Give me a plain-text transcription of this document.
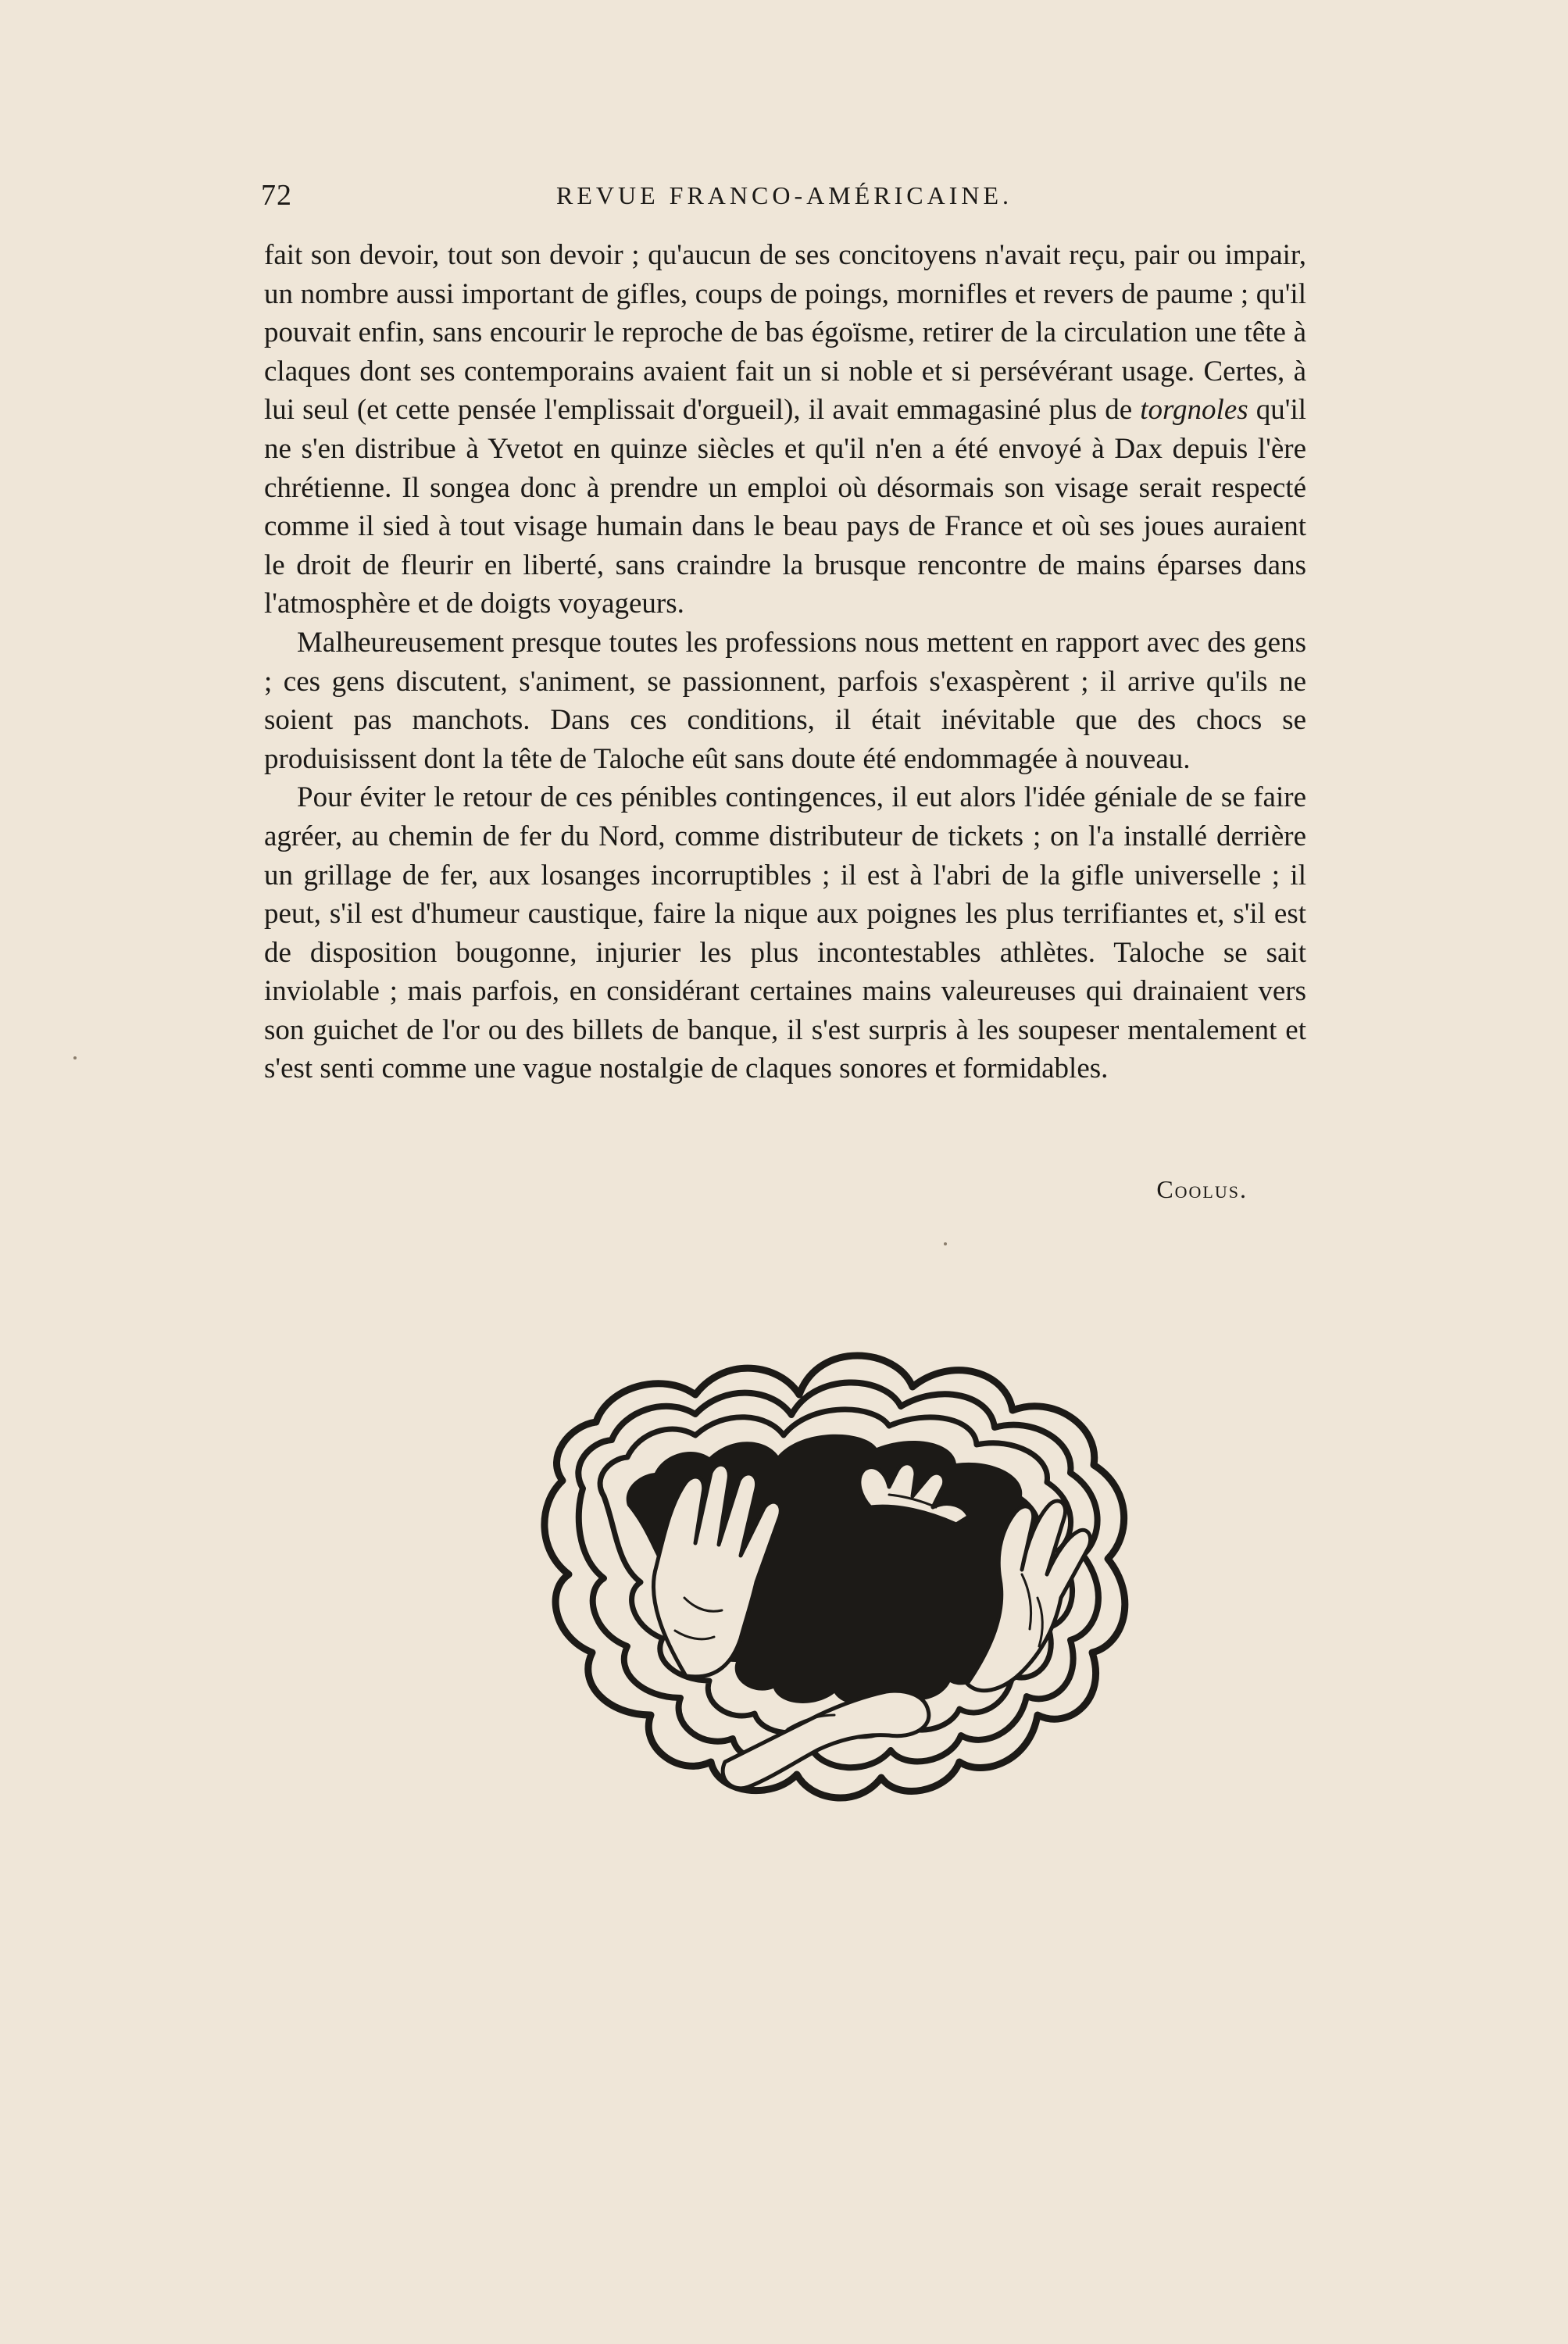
72	REVUE FRANCO-AMÉRICAINE.

fait son devoir, tout son devoir ; qu'aucun de ses concitoyens n'avait reçu, pair ou impair, un nombre aussi important de gifles, coups de poings, mornifles et revers de paume ; qu'il pouvait enfin, sans encourir le reproche de bas égoïsme, retirer de la circulation une tête à claques dont ses contemporains avaient fait un si noble et si persévérant usage. Certes, à lui seul (et cette pensée l'emplissait d'orgueil), il avait emmagasiné plus de torgnoles qu'il ne s'en distribue à Yvetot en quinze siècles et qu'il n'en a été envoyé à Dax depuis l'ère chrétienne. Il songea donc à prendre un emploi où désormais son visage serait respecté comme il sied à tout visage humain dans le beau pays de France et où ses joues auraient le droit de fleurir en liberté, sans craindre la brusque rencontre de mains éparses dans l'atmosphère et de doigts voyageurs.

Malheureusement presque toutes les professions nous mettent en rapport avec des gens ; ces gens discutent, s'animent, se passionnent, parfois s'exaspèrent ; il arrive qu'ils ne soient pas manchots. Dans ces conditions, il était inévitable que des chocs se produisissent dont la tête de Taloche eût sans doute été endommagée à nouveau.

Pour éviter le retour de ces pénibles contingences, il eut alors l'idée géniale de se faire agréer, au chemin de fer du Nord, comme distributeur de tickets ; on l'a installé derrière un grillage de fer, aux losanges incorruptibles ; il est à l'abri de la gifle universelle ; il peut, s'il est d'humeur caustique, faire la nique aux poignes les plus terrifiantes et, s'il est de disposition bougonne, injurier les plus incontestables athlètes. Taloche se sait inviolable ; mais parfois, en considérant certaines mains valeureuses qui drainaient vers son guichet de l'or ou des billets de banque, il s'est surpris à les soupeser mentalement et s'est senti comme une vague nostalgie de claques sonores et formidables.

Coolus.
